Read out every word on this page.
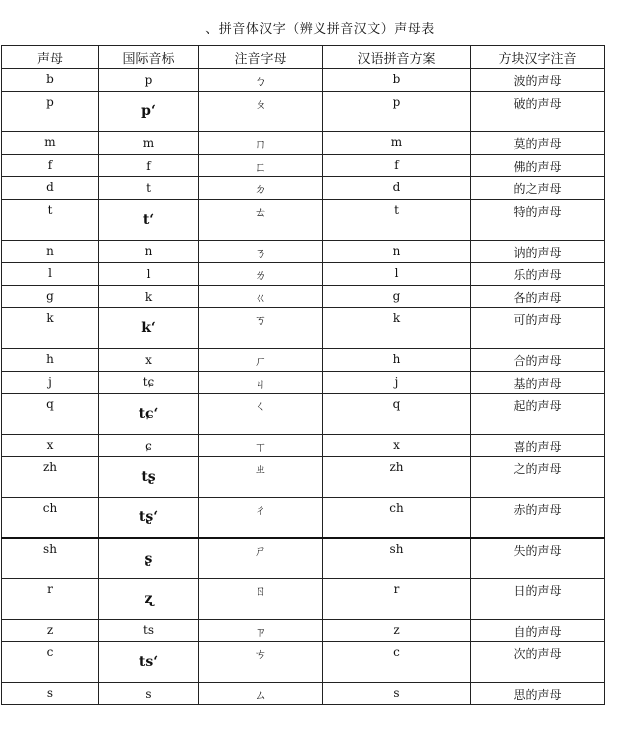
、拼音体汉字（辨义拼音汉文）声母表
声母	国际音标	注音字母	汉语拼音方案	方块汉字注音

b	p	ㄅ	b	波的声母

p	pʻ	ㄆ	p	破的声母

m	m	ㄇ	m	莫的声母

f	f	ㄈ	f	佛的声母

d	t	ㄉ	d	的之声母

t	tʻ	ㄊ	t	特的声母

n	n	ㄋ	n	讷的声母

l	l	ㄌ	l	乐的声母

g	k	ㄍ	g	各的声母

k	kʻ	ㄎ	k	可的声母

h	x	ㄏ	h	合的声母

j	tɕ	ㄐ	j	基的声母

q	tɕʻ	ㄑ	q	起的声母

x	ɕ	ㄒ	x	喜的声母

zh	tʂ	ㄓ	zh	之的声母

ch	tʂʻ	ㄔ	ch	赤的声母

sh	ʂ	ㄕ	sh	失的声母

r	ʐ	ㄖ	r	日的声母

z	ts	ㄗ	z	自的声母

c	tsʻ	ㄘ	c	次的声母

s	s	ㄙ	s	思的声母
